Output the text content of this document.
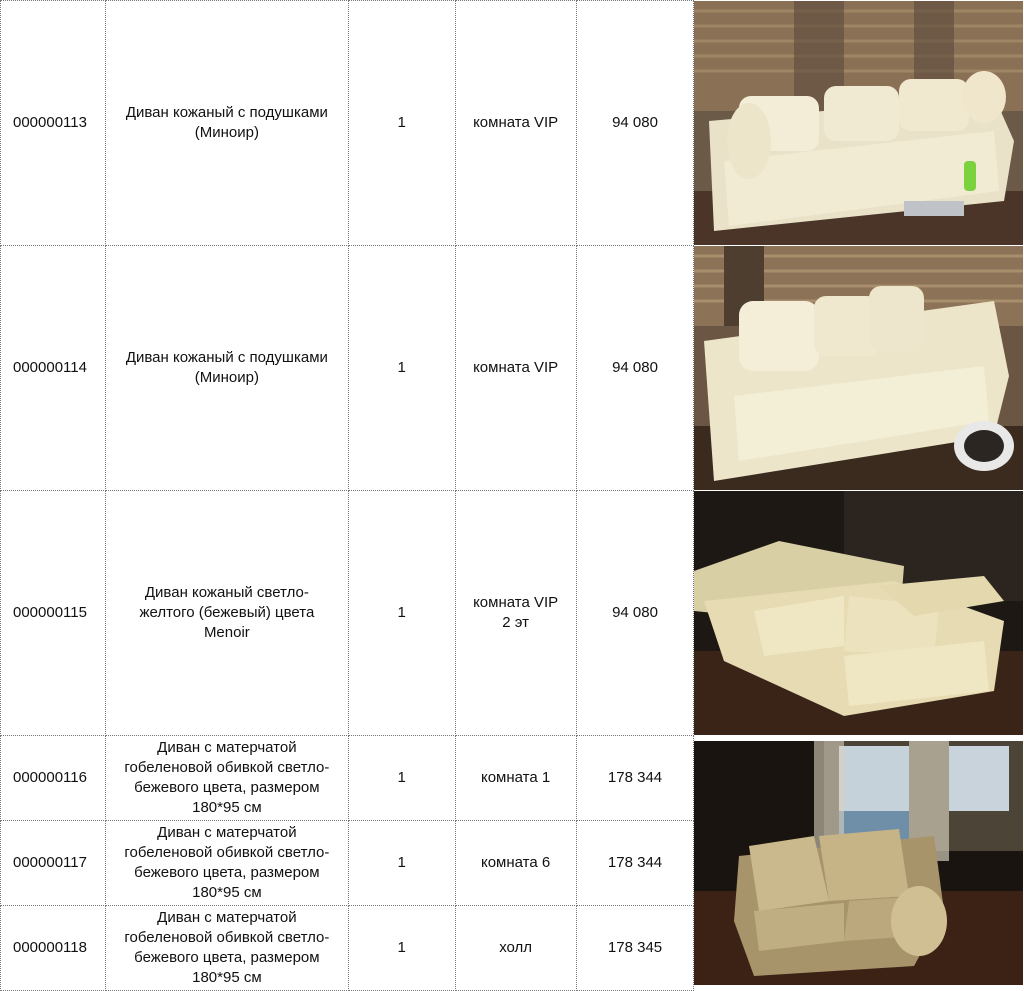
000000113	Диван кожаный с подушками
(Миноир)	1	комната VIP	94 080	

000000114	Диван кожаный с подушками
(Миноир)	1	комната VIP	94 080	

000000115	Диван кожаный светло-
желтого (бежевый) цвета
Menoir	1	комната VIP
2 эт	94 080	

000000116	Диван с матерчатой
гобеленовой обивкой светло-
бежевого цвета, размером
180*95 см	1	комната 1	178 344	

000000117	Диван с матерчатой
гобеленовой обивкой светло-
бежевого цвета, размером
180*95 см	1	комната 6	178 344	
000000118	Диван с матерчатой
гобеленовой обивкой светло-
бежевого цвета, размером
180*95 см	1	холл	178 345	
